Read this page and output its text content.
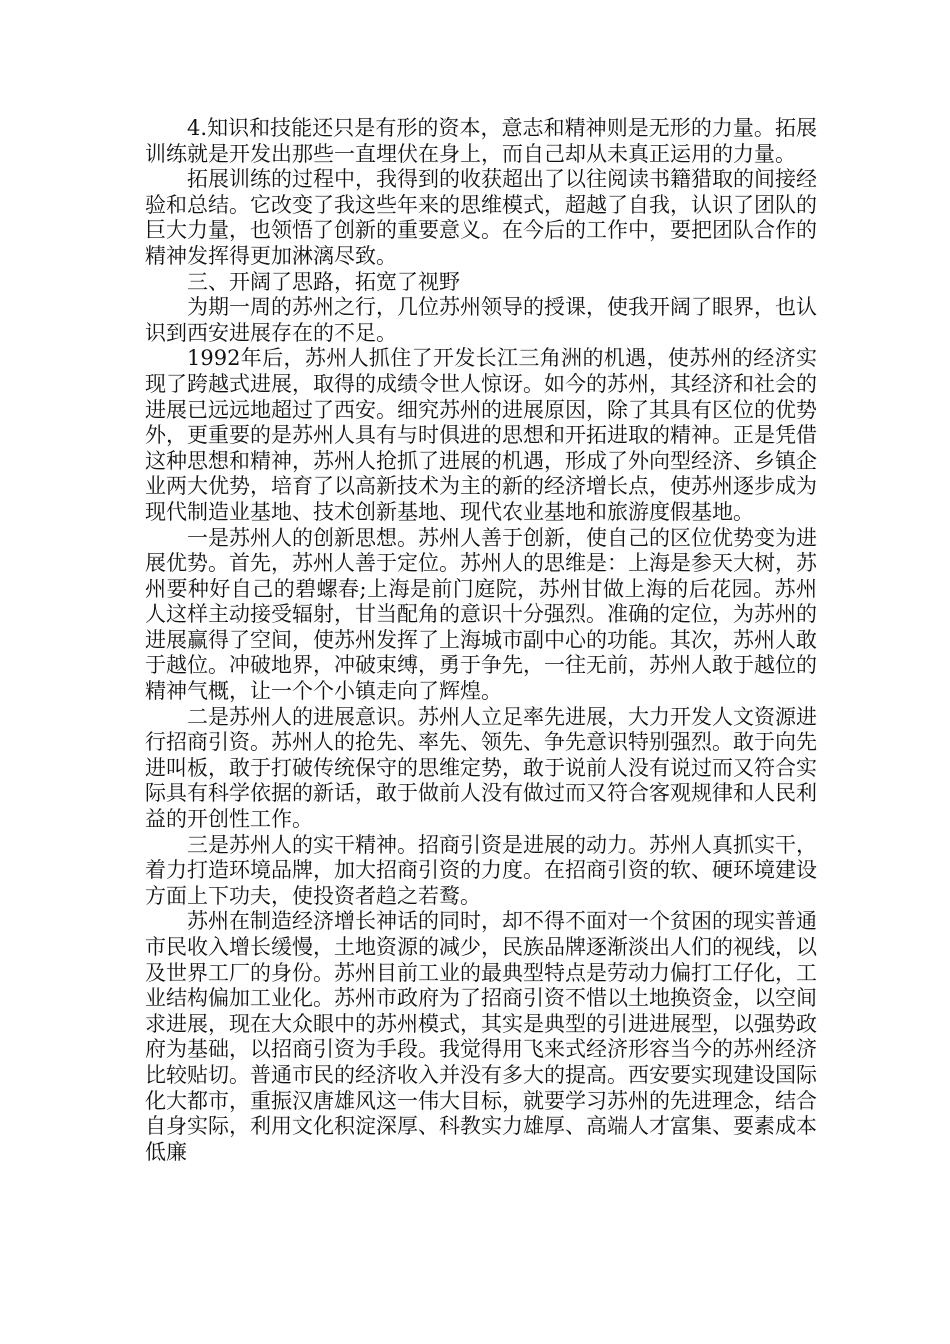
4.知识和技能还只是有形的资本，意志和精神则是无形的力量。拓展训练就是开发出那些一直埋伏在身上，而自己却从未真正运用的力量。

拓展训练的过程中，我得到的收获超出了以往阅读书籍猎取的间接经验和总结。它改变了我这些年来的思维模式，超越了自我，认识了团队的巨大力量，也领悟了创新的重要意义。在今后的工作中，要把团队合作的精神发挥得更加淋漓尽致。

三、开阔了思路，拓宽了视野

为期一周的苏州之行，几位苏州领导的授课，使我开阔了眼界，也认识到西安进展存在的不足。

1992年后，苏州人抓住了开发长江三角洲的机遇，使苏州的经济实现了跨越式进展，取得的成绩令世人惊讶。如今的苏州，其经济和社会的进展已远远地超过了西安。细究苏州的进展原因，除了其具有区位的优势外，更重要的是苏州人具有与时俱进的思想和开拓进取的精神。正是凭借这种思想和精神，苏州人抢抓了进展的机遇，形成了外向型经济、乡镇企业两大优势，培育了以高新技术为主的新的经济增长点，使苏州逐步成为现代制造业基地、技术创新基地、现代农业基地和旅游度假基地。

一是苏州人的创新思想。苏州人善于创新，使自己的区位优势变为进展优势。首先，苏州人善于定位。苏州人的思维是：上海是参天大树，苏州要种好自己的碧螺春;上海是前门庭院，苏州甘做上海的后花园。苏州人这样主动接受辐射，甘当配角的意识十分强烈。准确的定位，为苏州的进展赢得了空间，使苏州发挥了上海城市副中心的功能。其次，苏州人敢于越位。冲破地界，冲破束缚，勇于争先，一往无前，苏州人敢于越位的精神气概，让一个个小镇走向了辉煌。

二是苏州人的进展意识。苏州人立足率先进展，大力开发人文资源进行招商引资。苏州人的抢先、率先、领先、争先意识特别强烈。敢于向先进叫板，敢于打破传统保守的思维定势，敢于说前人没有说过而又符合实际具有科学依据的新话，敢于做前人没有做过而又符合客观规律和人民利益的开创性工作。

三是苏州人的实干精神。招商引资是进展的动力。苏州人真抓实干，着力打造环境品牌，加大招商引资的力度。在招商引资的软、硬环境建设方面上下功夫，使投资者趋之若鹜。

苏州在制造经济增长神话的同时，却不得不面对一个贫困的现实普通市民收入增长缓慢，土地资源的减少，民族品牌逐渐淡出人们的视线，以及世界工厂的身份。苏州目前工业的最典型特点是劳动力偏打工仔化，工业结构偏加工业化。苏州市政府为了招商引资不惜以土地换资金，以空间求进展，现在大众眼中的苏州模式，其实是典型的引进进展型，以强势政府为基础，以招商引资为手段。我觉得用飞来式经济形容当今的苏州经济比较贴切。普通市民的经济收入并没有多大的提高。西安要实现建设国际化大都市，重振汉唐雄风这一伟大目标，就要学习苏州的先进理念，结合自身实际，利用文化积淀深厚、科教实力雄厚、高端人才富集、要素成本低廉
